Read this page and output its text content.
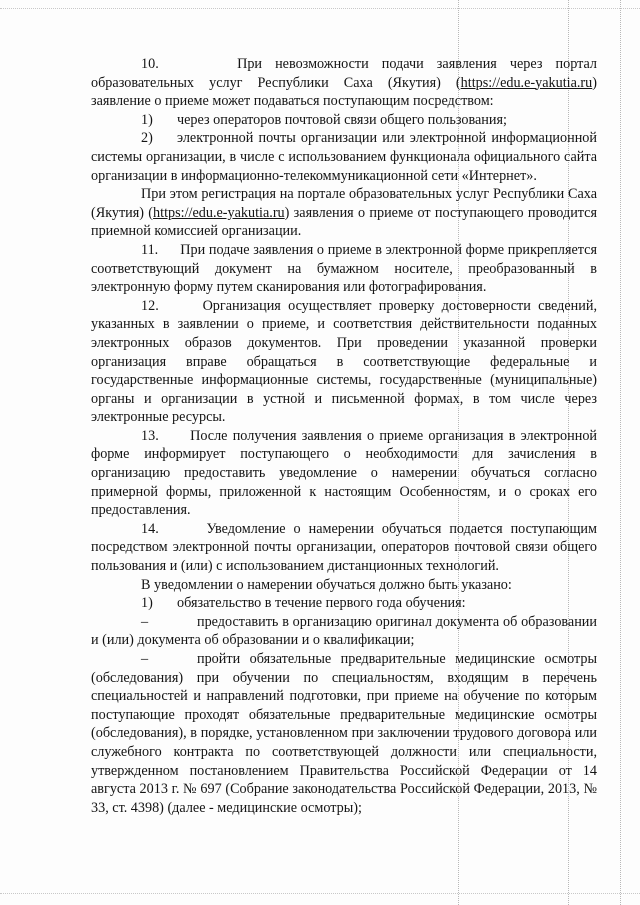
10.	При невозможности подачи заявления через портал образовательных услуг Республики Саха (Якутия) (https://edu.e-yakutia.ru) заявление о приеме может подаваться поступающим посредством:

1) через операторов почтовой связи общего пользования;

2) электронной почты организации или электронной информационной системы организации, в числе с использованием функционала официального сайта организации в информационно-телекоммуникационной сети «Интернет».

При этом регистрация на портале образовательных услуг Республики Саха (Якутия) (https://edu.e-yakutia.ru) заявления о приеме от поступающего проводится приемной комиссией организации.

11. При подаче заявления о приеме в электронной форме прикрепляется соответствующий документ на бумажном носителе, преобразованный в электронную форму путем сканирования или фотографирования.

12.	Организация осуществляет проверку достоверности сведений, указанных в заявлении о приеме, и соответствия действительности поданных электронных образов документов. При проведении указанной проверки организация вправе обращаться в соответствующие федеральные и государственные информационные системы, государственные (муниципальные) органы и организации в устной и письменной формах, в том числе через электронные ресурсы.

13. После получения заявления о приеме организация в электронной форме информирует поступающего о необходимости для зачисления в организацию предоставить уведомление о намерении обучаться согласно примерной формы, приложенной к настоящим Особенностям, и о сроках его предоставления.

14.	Уведомление о намерении обучаться подается поступающим посредством электронной почты организации, операторов почтовой связи общего пользования и (или) с использованием дистанционных технологий.

В уведомлении о намерении обучаться должно быть указано:

1) обязательство в течение первого года обучения:

–	предоставить в организацию оригинал документа об образовании и (или) документа об образовании и о квалификации;

–	пройти обязательные предварительные медицинские осмотры (обследования) при обучении по специальностям, входящим в перечень специальностей и направлений подготовки, при приеме на обучение по которым поступающие проходят обязательные предварительные медицинские осмотры (обследования), в порядке, установленном при заключении трудового договора или служебного контракта по соответствующей должности или специальности, утвержденном постановлением Правительства Российской Федерации от 14 августа 2013 г. № 697 (Собрание законодательства Российской Федерации, 2013, № 33, ст. 4398) (далее - медицинские осмотры);
